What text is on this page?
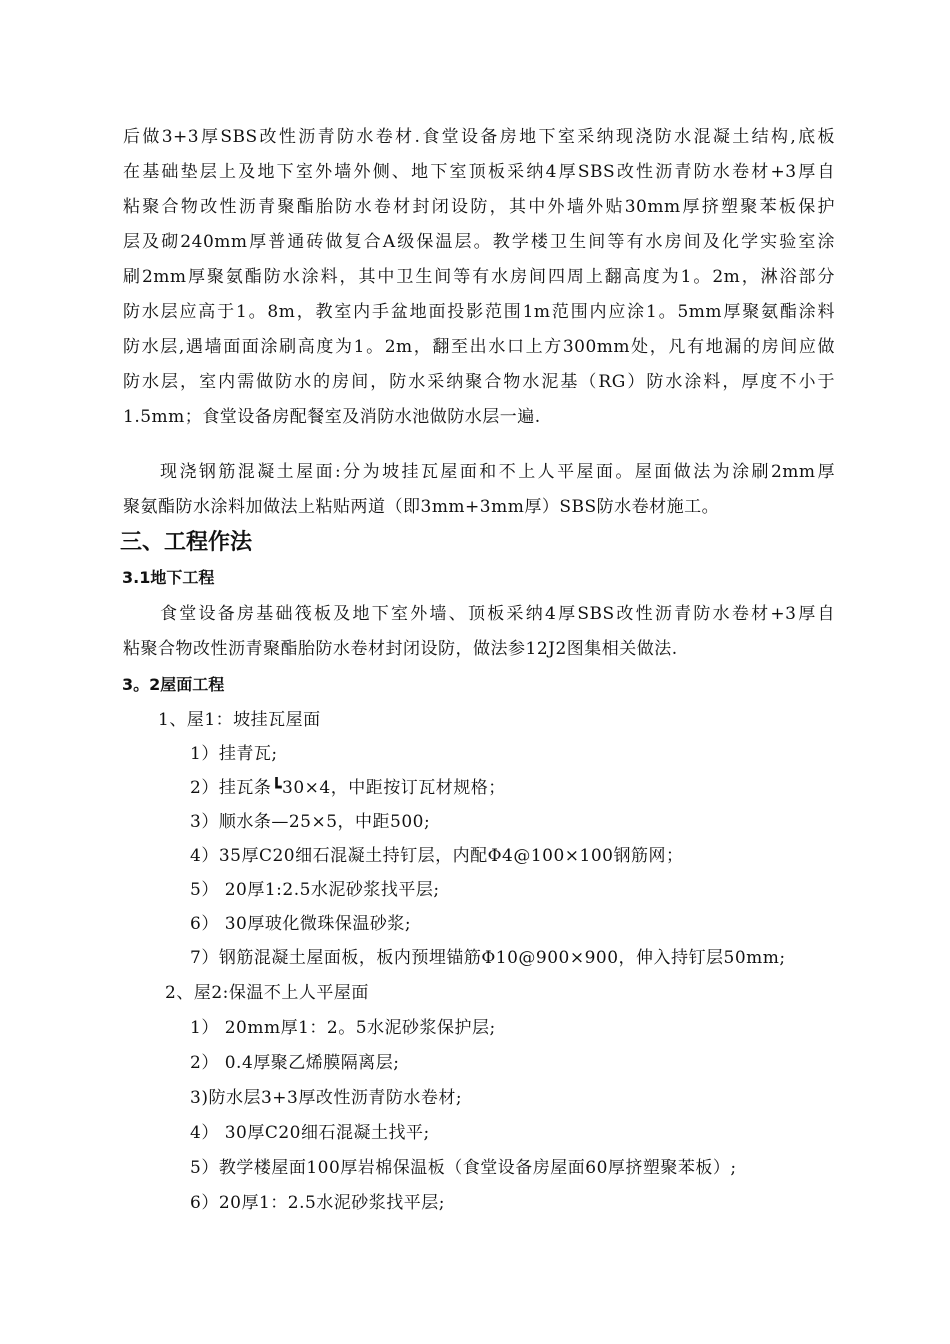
后做3+3厚SBS改性沥青防水卷材.食堂设备房地下室采纳现浇防水混凝土结构,底板
在基础垫层上及地下室外墙外侧、地下室顶板采纳4厚SBS改性沥青防水卷材+3厚自
粘聚合物改性沥青聚酯胎防水卷材封闭设防，其中外墙外贴30mm厚挤塑聚苯板保护
层及砌240mm厚普通砖做复合A级保温层。教学楼卫生间等有水房间及化学实验室涂
刷2mm厚聚氨酯防水涂料，其中卫生间等有水房间四周上翻高度为1。2m，淋浴部分
防水层应高于1。8m，教室内手盆地面投影范围1m范围内应涂1。5mm厚聚氨酯涂料
防水层,遇墙面面涂刷高度为1。2m，翻至出水口上方300mm处，凡有地漏的房间应做
防水层，室内需做防水的房间，防水采纳聚合物水泥基（RG）防水涂料，厚度不小于
1.5mm；食堂设备房配餐室及消防水池做防水层一遍.
现浇钢筋混凝土屋面:分为坡挂瓦屋面和不上人平屋面。屋面做法为涂刷2mm厚
聚氨酯防水涂料加做法上粘贴两道（即3mm+3mm厚）SBS防水卷材施工。
三、工程作法
3.1地下工程
食堂设备房基础筏板及地下室外墙、顶板采纳4厚SBS改性沥青防水卷材+3厚自
粘聚合物改性沥青聚酯胎防水卷材封闭设防，做法参12J2图集相关做法.
3。2屋面工程
1、屋1：坡挂瓦屋面
1）挂青瓦;
2）挂瓦条┗30×4，中距按订瓦材规格；
3）顺水条—25×5，中距500;
4）35厚C20细石混凝土持钉层，内配Φ4@100×100钢筋网；
5） 20厚1:2.5水泥砂浆找平层;
6） 30厚玻化微珠保温砂浆;
7）钢筋混凝土屋面板，板内预埋锚筋Φ10@900×900，伸入持钉层50mm;
2、屋2:保温不上人平屋面
1） 20mm厚1：2。5水泥砂浆保护层;
2） 0.4厚聚乙烯膜隔离层;
3)防水层3+3厚改性沥青防水卷材;
4） 30厚C20细石混凝土找平;
5）教学楼屋面100厚岩棉保温板（食堂设备房屋面60厚挤塑聚苯板）;
6）20厚1：2.5水泥砂浆找平层;
